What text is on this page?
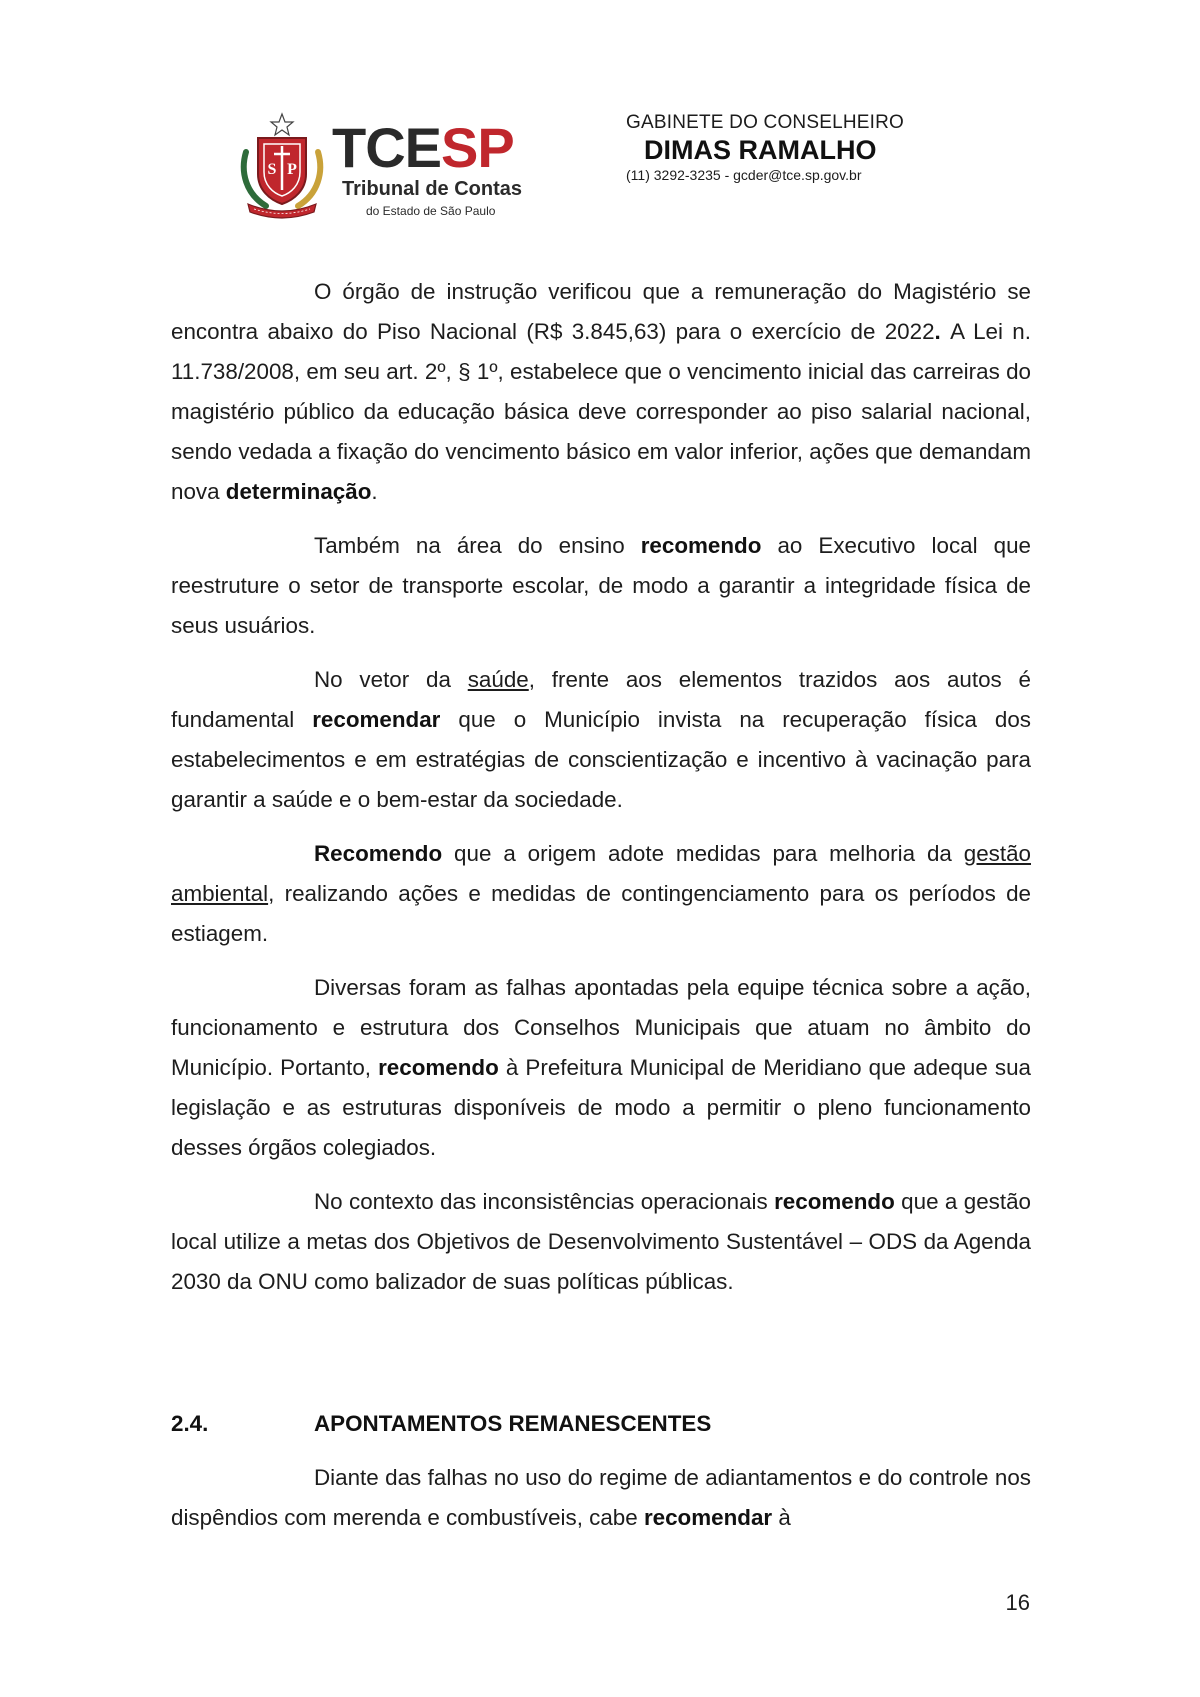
S P TCESP
Tribunal de Contas
do Estado de São Paulo
GABINETE DO CONSELHEIRO
DIMAS RAMALHO
(11) 3292-3235 - gcder@tce.sp.gov.br

O órgão de instrução verificou que a remuneração do Magistério se encontra abaixo do Piso Nacional (R$ 3.845,63) para o exercício de 2022. A Lei n. 11.738/2008, em seu art. 2º, § 1º, estabelece que o vencimento inicial das carreiras do magistério público da educação básica deve corresponder ao piso salarial nacional, sendo vedada a fixação do vencimento básico em valor inferior, ações que demandam nova determinação.

Também na área do ensino recomendo ao Executivo local que reestruture o setor de transporte escolar, de modo a garantir a integridade física de seus usuários.

No vetor da saúde, frente aos elementos trazidos aos autos é fundamental recomendar que o Município invista na recuperação física dos estabelecimentos e em estratégias de conscientização e incentivo à vacinação para garantir a saúde e o bem-estar da sociedade.

Recomendo que a origem adote medidas para melhoria da gestão ambiental, realizando ações e medidas de contingenciamento para os períodos de estiagem.

Diversas foram as falhas apontadas pela equipe técnica sobre a ação, funcionamento e estrutura dos Conselhos Municipais que atuam no âmbito do Município. Portanto, recomendo à Prefeitura Municipal de Meridiano que adeque sua legislação e as estruturas disponíveis de modo a permitir o pleno funcionamento desses órgãos colegiados.

No contexto das inconsistências operacionais recomendo que a gestão local utilize a metas dos Objetivos de Desenvolvimento Sustentável – ODS da Agenda 2030 da ONU como balizador de suas políticas públicas.

2.4.	APONTAMENTOS REMANESCENTES

Diante das falhas no uso do regime de adiantamentos e do controle nos dispêndios com merenda e combustíveis, cabe recomendar à

16
